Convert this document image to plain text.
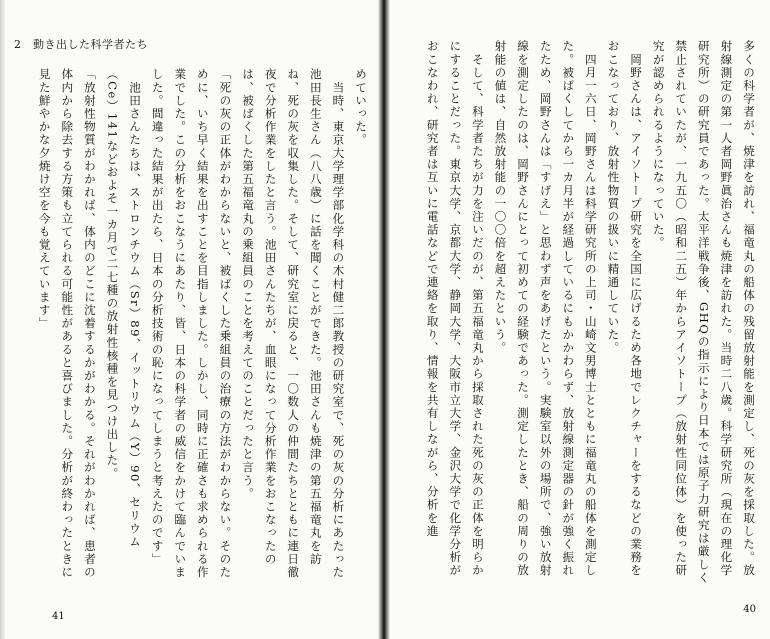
2　動き出した科学者たち
めていった。
　当時、東京大学理学部化学科の木村健二郎教授の研究室で、死の灰の分析にあたった池田長生さん（八八歳）に話を聞くことができた。池田さんも焼津の第五福竜丸を訪ね、死の灰を収集した。そして、研究室に戻ると、一〇数人の仲間たちとともに連日徹夜で分析作業をしたと言う。池田さんたちが、血眼になって分析作業をおこなったのは、被ばくした第五福竜丸の乗組員のことを考えてのことだったと言う。
「死の灰の正体がわからないと、被ばくした乗組員の治療の方法がわからない。そのために、いち早く結果を出すことを目指しました。しかし、同時に正確さも求められる作業でした。この分析をおこなうにあたり、皆、日本の科学者の威信をかけて臨んでいました。間違った結果が出たら、日本の分析技術の恥になってしまうと考えたのです」
　池田さんたちは、ストロンチウム（Sr）89、イットリウム（Y）90、セリウム（Ce）141などおよそ一カ月で二七種の放射性核種を見つけ出した。
「放射性物質がわかれば、体内のどこに沈着するかがわかる。それがわかれば、患者の体内から除去する方策も立てられる可能性があると喜びました。分析が終わったときに見た鮮やかな夕焼け空を今も覚えています」
41
多くの科学者が、焼津を訪れ、福竜丸の船体の残留放射能を測定し、死の灰を採取した。放射線測定の第一人者岡野眞治さんも焼津を訪れた。当時二八歳。科学研究所（現在の理化学研究所）の研究員であった。太平洋戦争後、GHQの指示により日本では原子力研究は厳しく禁止されていたが、一九五〇（昭和二五）年からアイソトープ（放射性同位体）を使った研究が認められるようになっていた。
　岡野さんは、アイソトープ研究を全国に広げるため各地でレクチャーをするなどの業務をおこなっており、放射性物質の扱いに精通していた。
　四月一六日、岡野さんは科学研究所の上司・山崎文男博士とともに福竜丸の船体を測定した。被ばくしてから一カ月半が経過しているにもかかわらず、放射線測定器の針が強く振れたため、岡野さんは「すげえ」と思わず声をあげたという。実験室以外の場所で、強い放射線を測定したのは、岡野さんにとって初めての経験であった。測定したとき、船の周りの放射能の値は、自然放射能の一〇〇倍を超えたという。
　そして、科学者たちが力を注いだのが、第五福竜丸から採取された死の灰の正体を明らかにすることだった。東京大学、京都大学、静岡大学、大阪市立大学、金沢大学で化学分析がおこなわれ、研究者は互いに電話などで連絡を取り、情報を共有しながら、分析を進
40
